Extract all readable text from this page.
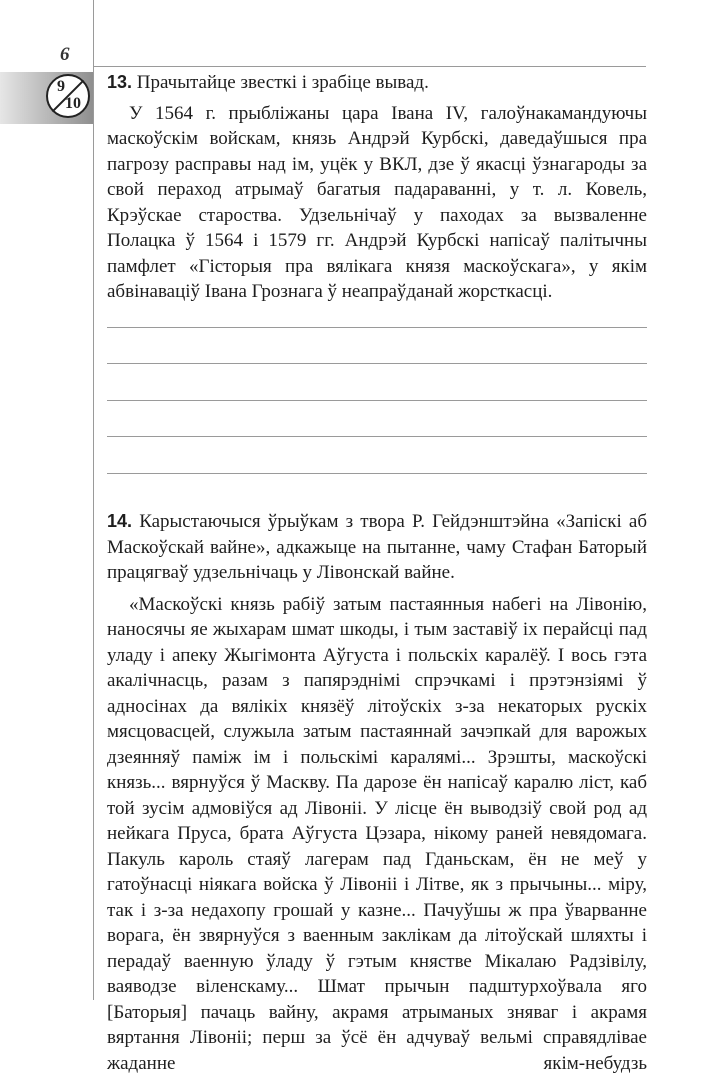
6
9
10

13. Прачытайце звесткі і зрабіце вывад.

У 1564 г. прыбліжаны цара Івана IV, галоўнакамандуючы маскоўскім войскам, князь Андрэй Курбскі, даведаўшыся пра пагрозу расправы над ім, уцёк у ВКЛ, дзе ў якасці ўзнагароды за свой пераход атрымаў багатыя падараванні, у т. л. Ковель, Крэўскае староства. Удзельнічаў у паходах за вызваленне Полацка ў 1564 і 1579 гг. Андрэй Курбскі напісаў палітычны памфлет «Гісторыя пра вялікага князя маскоўскага», у якім абвінаваціў Івана Грознага ў неапраўданай жорсткасці.

14. Карыстаючыся ўрыўкам з твора Р. Гейдэнштэйна «Запіскі аб Маскоўскай вайне», адкажыце на пытанне, чаму Стафан Баторый працягваў удзельнічаць у Лівонскай вайне.

«Маскоўскі князь рабіў затым пастаянныя набегі на Лівонію, наносячы яе жыхарам шмат шкоды, і тым заставіў іх перайсці пад уладу і апеку Жыгімонта Аўгуста і польскіх каралёў. І вось гэта акалічнасць, разам з папярэднімі спрэчкамі і прэтэнзіямі ў адносінах да вялікіх князёў літоўскіх з-за некаторых рускіх мясцовасцей, служыла затым пастаяннай зачэпкай для варожых дзеянняў паміж ім і польскімі каралямі... Зрэшты, маскоўскі князь... вярнуўся ў Маскву. Па дарозе ён напісаў каралю ліст, каб той зусім адмовіўся ад Лівоніі. У лісце ён выводзіў свой род ад нейкага Пруса, брата Аўгуста Цэзара, нікому раней невядомага. Пакуль кароль стаяў лагерам пад Гданьскам, ён не меў у гатоўнасці ніякага войска ў Лівоніі і Літве, як з прычыны... міру, так і з-за недахопу грошай у казне... Пачуўшы ж пра ўварванне ворага, ён звярнуўся з ваенным заклікам да літоўскай шляхты і перадаў ваенную ўладу ў гэтым княстве Мікалаю Радзівілу, ваяводзе віленскаму... Шмат прычын падштурхоўвала яго [Баторыя] пачаць вайну, акрамя атрыманых зняваг і акрамя вяртання Лівоніі; перш за ўсё ён адчуваў вельмі справядлівае жаданне якім-небудзь
